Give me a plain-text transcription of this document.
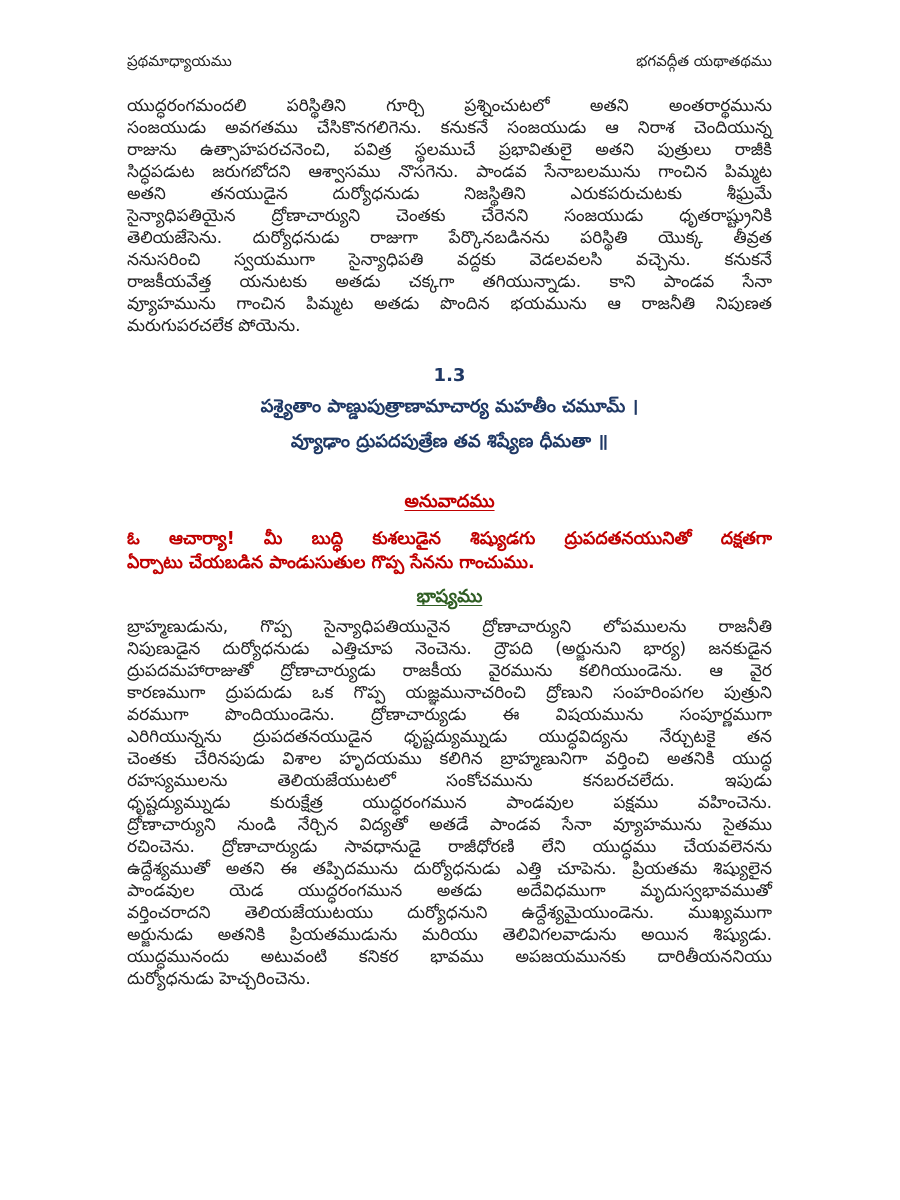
ప్రథమాధ్యాయము	భగవద్గీత యథాతథము
యుద్ధరంగమందలి పరిస్థితిని గూర్చి ప్రశ్నించుటలో అతని అంతరార్థమును
సంజయుడు అవగతము చేసికొనగలిగెను. కనుకనే సంజయుడు ఆ నిరాశ చెందియున్న
రాజును ఉత్సాహపరచనెంచి, పవిత్ర స్థలముచే ప్రభావితులై అతని పుత్రులు రాజీకి
సిద్ధపడుట జరుగబోదని ఆశ్వాసము నొసగెను. పాండవ సేనాబలమును గాంచిన పిమ్మట
అతని తనయుడైన దుర్యోధనుడు నిజస్థితిని ఎరుకపరుచుటకు శీఘ్రమే
సైన్యాధిపతియైన ద్రోణాచార్యుని చెంతకు చేరెనని సంజయుడు ధృతరాష్ట్రునికి
తెలియజేసెను. దుర్యోధనుడు రాజుగా పేర్కొనబడినను పరిస్థితి యొక్క తీవ్రత
ననుసరించి స్వయముగా సైన్యాధిపతి వద్దకు వెడలవలసి వచ్చెను. కనుకనే
రాజకీయవేత్త యనుటకు అతడు చక్కగా తగియున్నాడు. కాని పాండవ సేనా
వ్యూహమును గాంచిన పిమ్మట అతడు పొందిన భయమును ఆ రాజనీతి నిపుణత
మరుగుపరచలేక పోయెను.
1.3
పశ్యైతాం పాణ్డుపుత్రాణామాచార్య మహతీం చమూమ్ ।
వ్యూఢాం ద్రుపదపుత్రేణ తవ శిష్యేణ ధీమతా ॥
అనువాదము
ఓ ఆచార్యా! మీ బుద్ధి కుశలుడైన శిష్యుడగు ద్రుపదతనయునితో దక్షతగా
ఏర్పాటు చేయబడిన పాండుసుతుల గొప్ప సేనను గాంచుము.
భాష్యము
బ్రాహ్మణుడును, గొప్ప సైన్యాధిపతియునైన ద్రోణాచార్యుని లోపములను రాజనీతి
నిపుణుడైన దుర్యోధనుడు ఎత్తిచూప నెంచెను. ద్రౌపది (అర్జునుని భార్య) జనకుడైన
ద్రుపదమహారాజుతో ద్రోణాచార్యుడు రాజకీయ వైరమును కలిగియుండెను. ఆ వైర
కారణముగా ద్రుపదుడు ఒక గొప్ప యజ్ఞమునాచరించి ద్రోణుని సంహరింపగల పుత్రుని
వరముగా పొందియుండెను. ద్రోణాచార్యుడు ఈ విషయమును సంపూర్ణముగా
ఎరిగియున్నను ద్రుపదతనయుడైన ధృష్టద్యుమ్నుడు యుద్ధవిద్యను నేర్చుటకై తన
చెంతకు చేరినపుడు విశాల హృదయము కలిగిన బ్రాహ్మణునిగా వర్తించి అతనికి యుద్ధ
రహస్యములను తెలియజేయుటలో సంకోచమును కనబరచలేదు. ఇపుడు
ధృష్టద్యుమ్నుడు కురుక్షేత్ర యుద్ధరంగమున పాండవుల పక్షము వహించెను.
ద్రోణాచార్యుని నుండి నేర్చిన విద్యతో అతడే పాండవ సేనా వ్యూహమును సైతము
రచించెను. ద్రోణాచార్యుడు సావధానుడై రాజీధోరణి లేని యుద్ధము చేయవలెనను
ఉద్దేశ్యముతో అతని ఈ తప్పిదమును దుర్యోధనుడు ఎత్తి చూపెను. ప్రియతమ శిష్యులైన
పాండవుల యెడ యుద్ధరంగమున అతడు అదేవిధముగా మృదుస్వభావముతో
వర్తించరాదని తెలియజేయుటయు దుర్యోధనుని ఉద్దేశ్యమైయుండెను. ముఖ్యముగా
అర్జునుడు అతనికి ప్రియతముడును మరియు తెలివిగలవాడును అయిన శిష్యుడు.
యుద్ధమునందు అటువంటి కనికర భావము అపజయమునకు దారితీయననియు
దుర్యోధనుడు హెచ్చరించెను.
